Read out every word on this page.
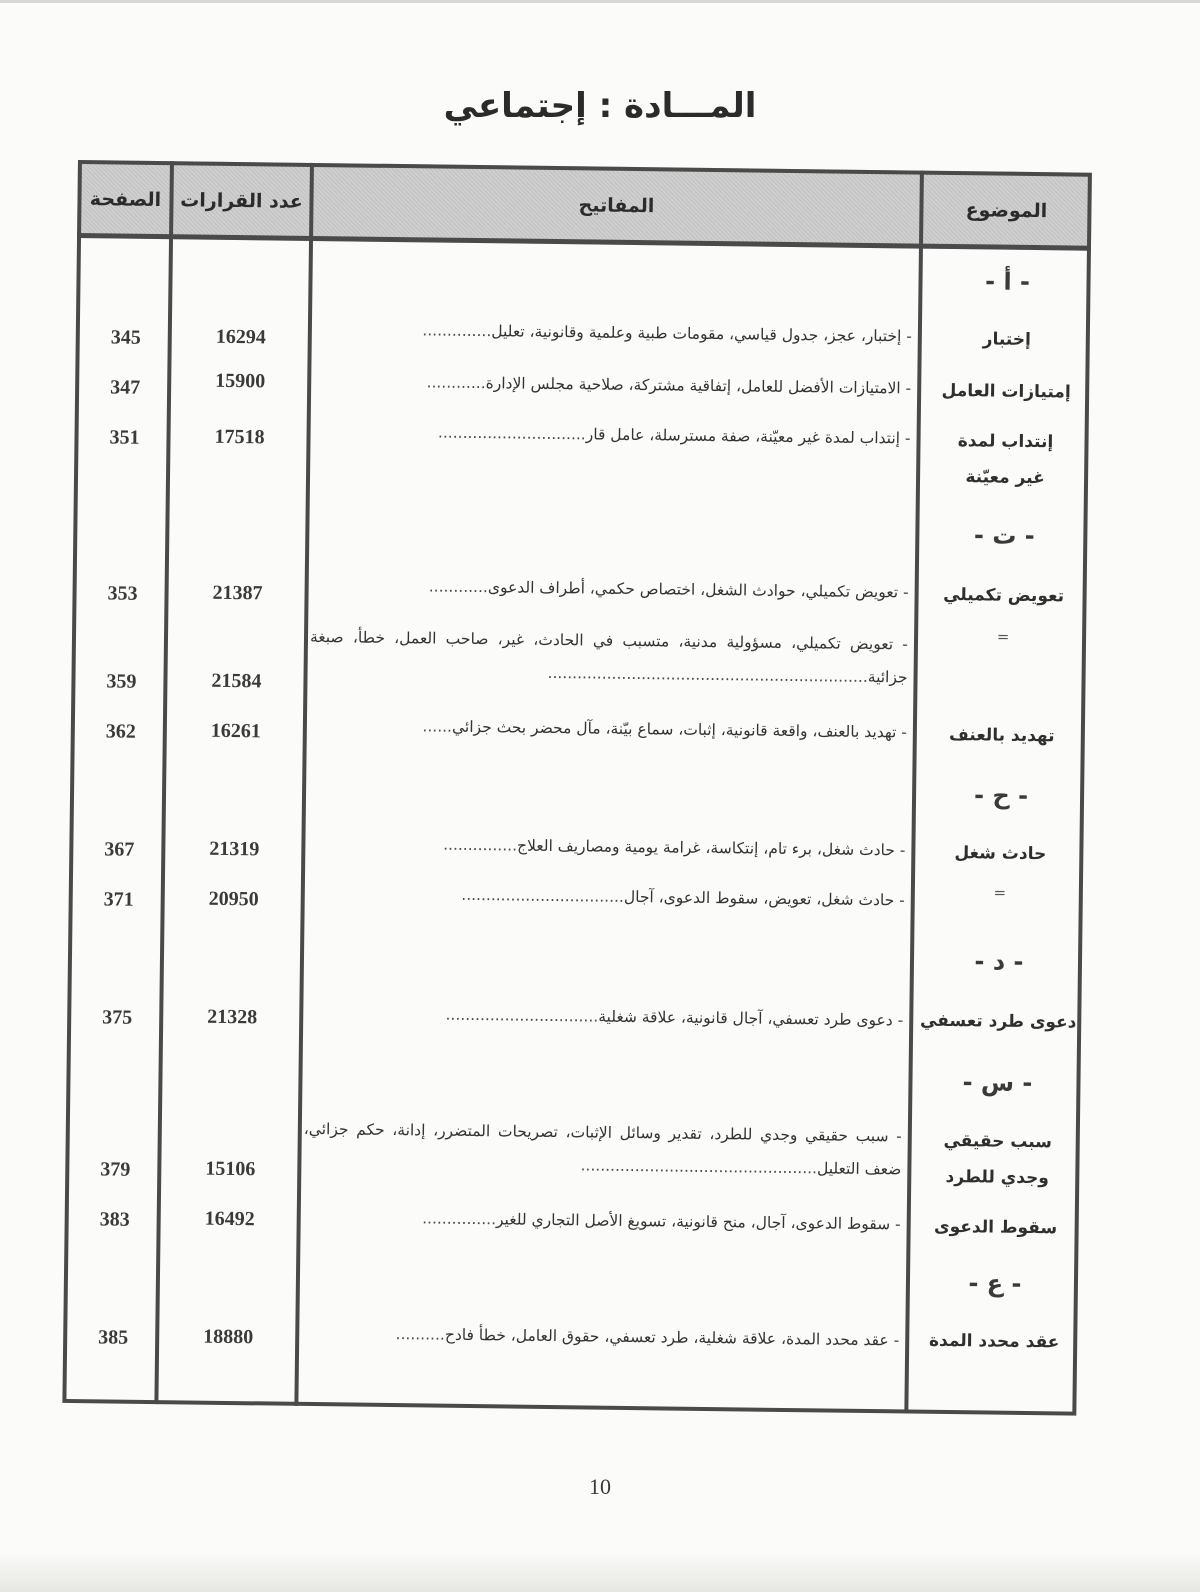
المـــادة : إجتماعي
الموضوع
المفاتيح
عدد القرارات
الصفحة
- أ -
- ت -
- ح -
- د -
- س -
- ع -
إختبار
- إختبار، عجز، جدول قياسي، مقومات طبية وعلمية وقانونية، تعليل..............
16294
345
إمتيازات العامل
- الامتيازات الأفضل للعامل، إتفاقية مشتركة، صلاحية مجلس الإدارة............
15900
347
إنتداب لمدة غير معيّنة
- إنتداب لمدة غير معيّنة، صفة مسترسلة، عامل قار..............................
17518
351
تعويض تكميلي
- تعويض تكميلي، حوادث الشغل، اختصاص حكمي، أطراف الدعوى............
21387
353
=
- تعويض تكميلي، مسؤولية مدنية، متسبب في الحادث، غير، صاحب العمل، خطأ، صبغة جزائية.................................................................
21584
359
تهديد بالعنف
- تهديد بالعنف، واقعة قانونية، إثبات، سماع بيّنة، مآل محضر بحث جزائي......
16261
362
حادث شغل
- حادث شغل، برء تام، إنتكاسة، غرامة يومية ومصاريف العلاج...............
21319
367
=
- حادث شغل، تعويض، سقوط الدعوى، آجال.................................
20950
371
دعوى طرد تعسفي
- دعوى طرد تعسفي، آجال قانونية، علاقة شغلية...............................
21328
375
سبب حقيقي وجدي للطرد
- سبب حقيقي وجدي للطرد، تقدير وسائل الإثبات، تصريحات المتضرر، إدانة، حكم جزائي، ضعف التعليل................................................
15106
379
سقوط الدعوى
- سقوط الدعوى، آجال، منح قانونية، تسويغ الأصل التجاري للغير...............
16492
383
عقد محدد المدة
- عقد محدد المدة، علاقة شغلية، طرد تعسفي، حقوق العامل، خطأ فادح..........
18880
385
10
